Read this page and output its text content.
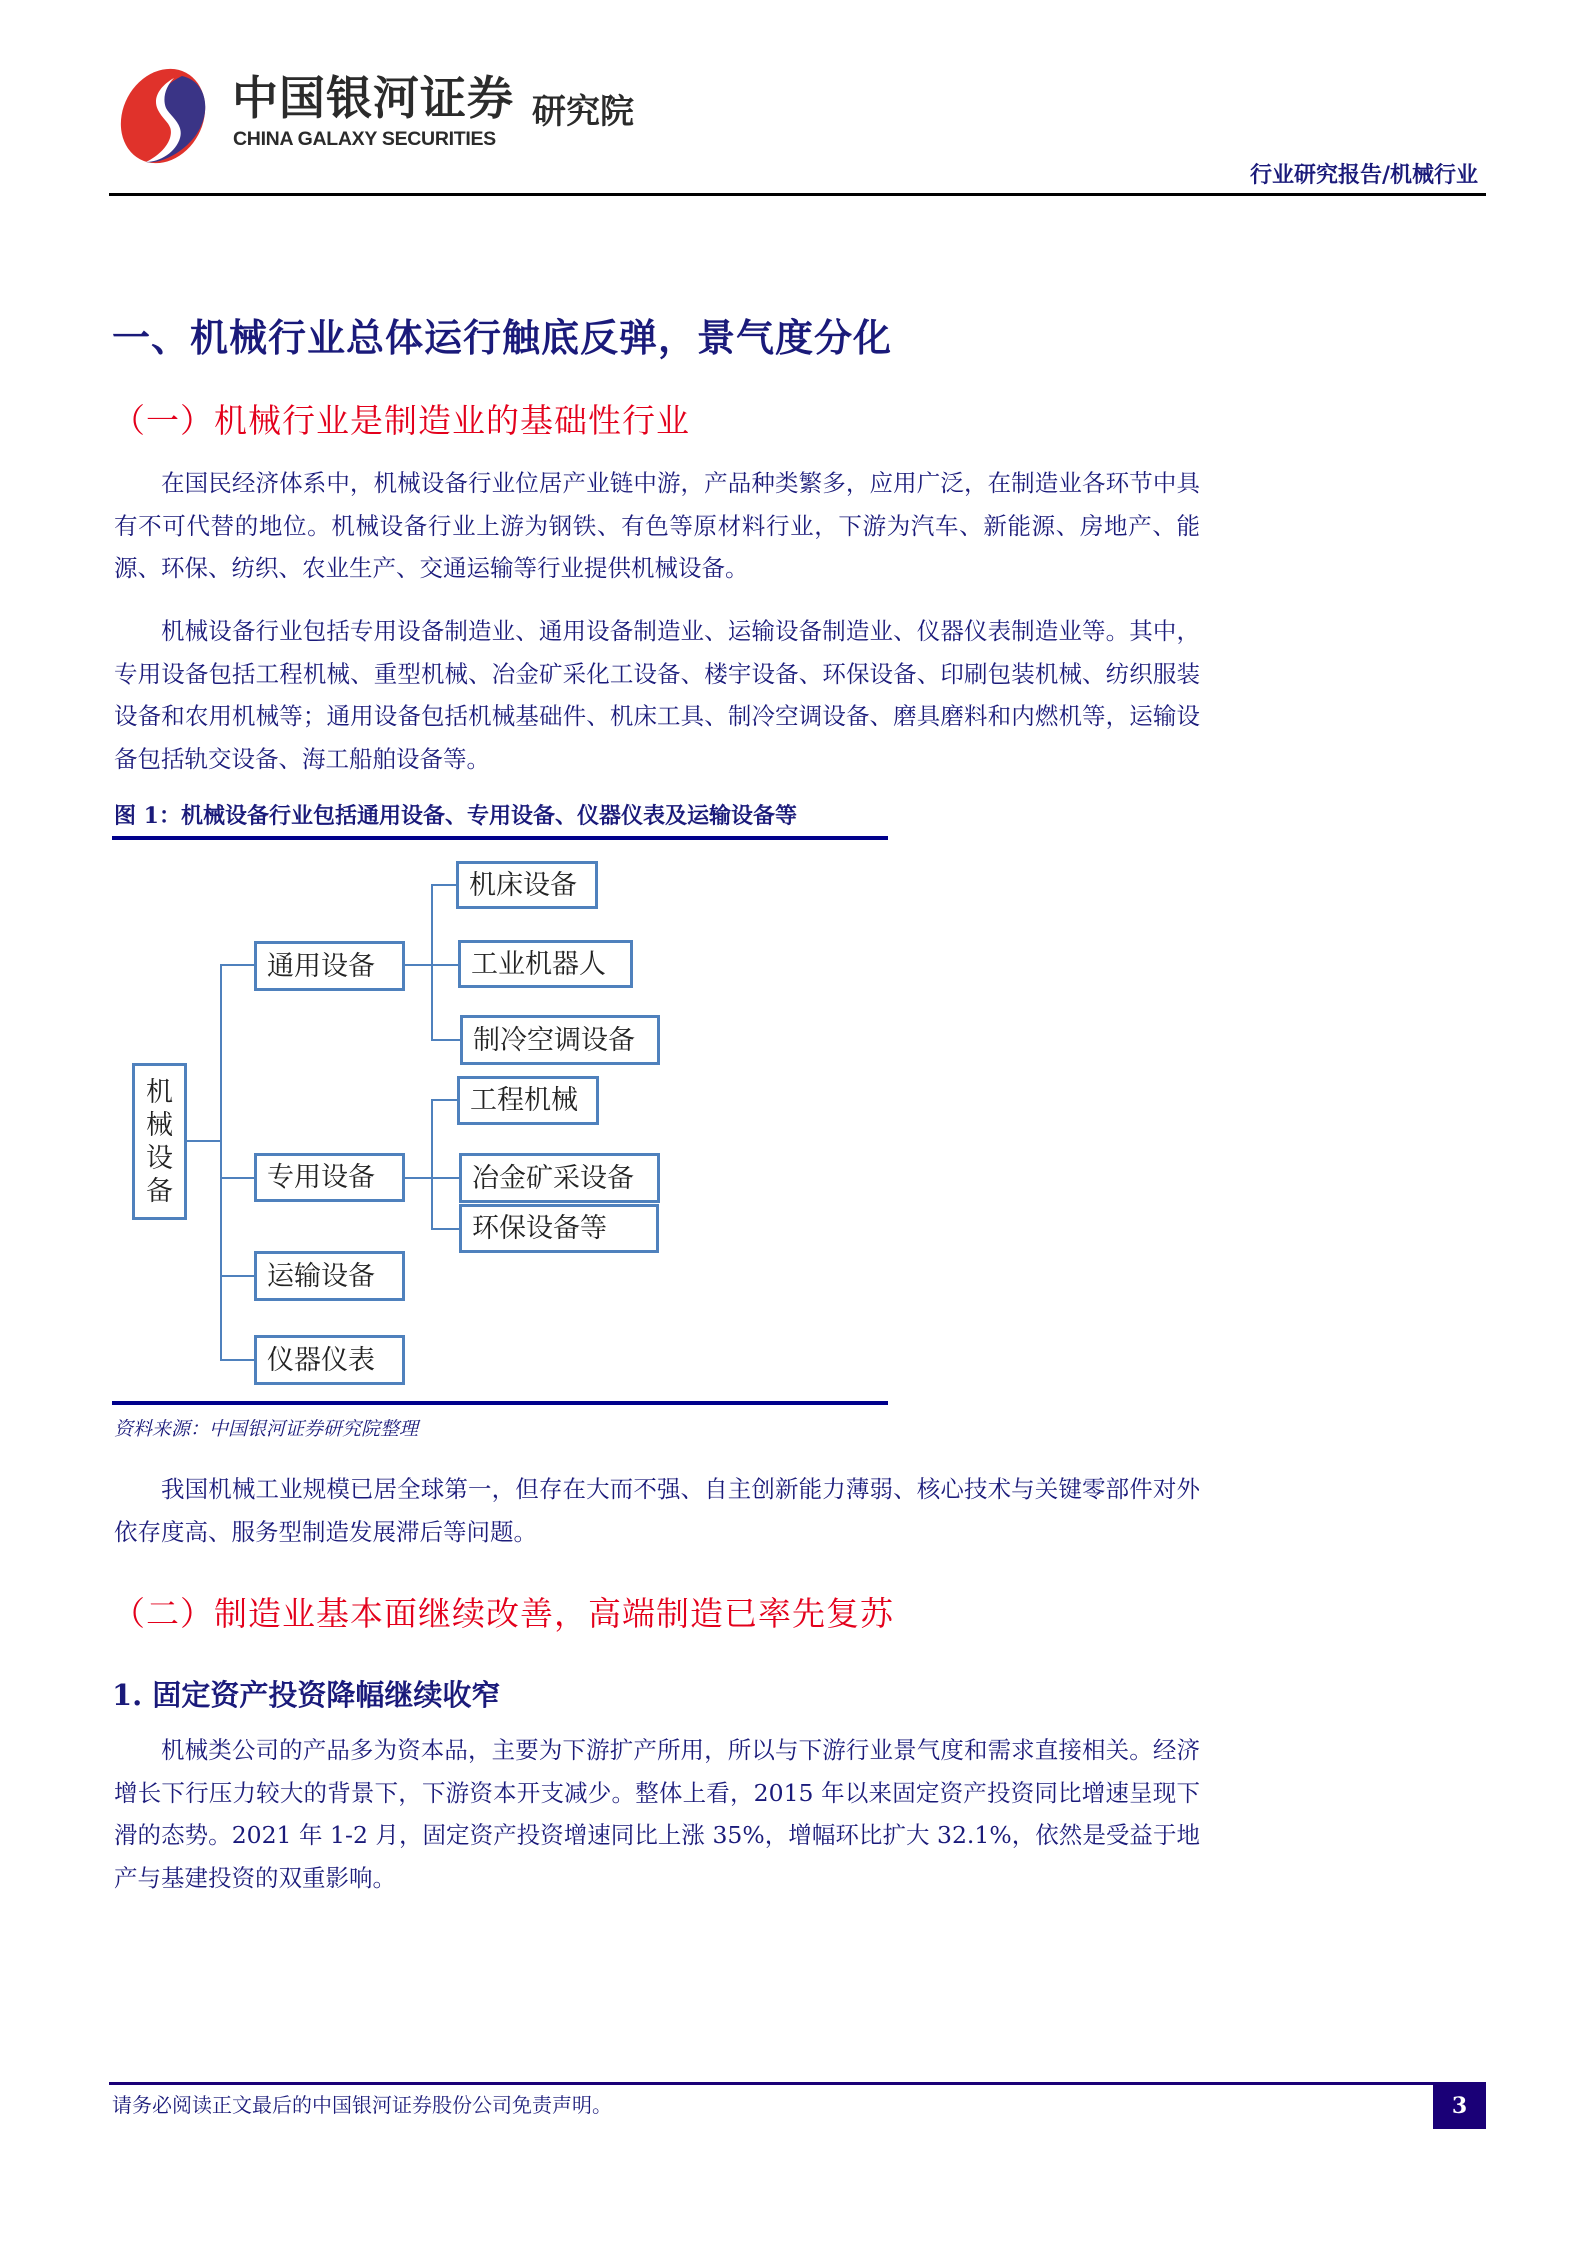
中国银河证券
CHINA GALAXY SECURITIES
研究院
行业研究报告/机械行业
一、机械行业总体运行触底反弹，景气度分化
（一）机械行业是制造业的基础性行业

在国民经济体系中，机械设备行业位居产业链中游，产品种类繁多，应用广泛，在制造业各环节中具有不可代替的地位。机械设备行业上游为钢铁、有色等原材料行业，下游为汽车、新能源、房地产、能源、环保、纺织、农业生产、交通运输等行业提供机械设备。

机械设备行业包括专用设备制造业、通用设备制造业、运输设备制造业、仪器仪表制造业等。其中，专用设备包括工程机械、重型机械、冶金矿采化工设备、楼宇设备、环保设备、印刷包装机械、纺织服装设备和农用机械等；通用设备包括机械基础件、机床工具、制冷空调设备、磨具磨料和内燃机等，运输设备包括轨交设备、海工船舶设备等。

图 1：机械设备行业包括通用设备、专用设备、仪器仪表及运输设备等
机
械
设
备
通用设备
专用设备
运输设备
仪器仪表
机床设备
工业机器人
制冷空调设备
工程机械
冶金矿采设备
环保设备等
资料来源：中国银河证券研究院整理

我国机械工业规模已居全球第一，但存在大而不强、自主创新能力薄弱、核心技术与关键零部件对外依存度高、服务型制造发展滞后等问题。

（二）制造业基本面继续改善，高端制造已率先复苏
1. 固定资产投资降幅继续收窄

机械类公司的产品多为资本品，主要为下游扩产所用，所以与下游行业景气度和需求直接相关。经济增长下行压力较大的背景下，下游资本开支减少。整体上看，2015 年以来固定资产投资同比增速呈现下滑的态势。2021 年 1-2 月，固定资产投资增速同比上涨 35%，增幅环比扩大 32.1%，依然是受益于地产与基建投资的双重影响。

请务必阅读正文最后的中国银河证券股份公司免责声明。	3
